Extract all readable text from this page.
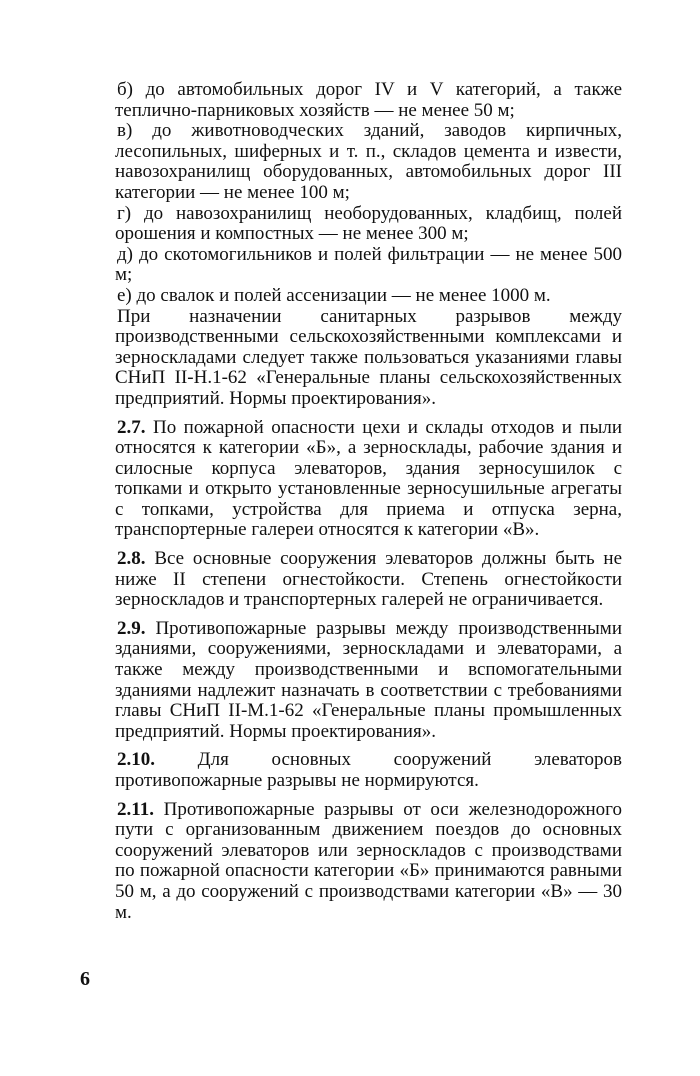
б) до автомобильных дорог IV и V категорий, а также теплично-парниковых хозяйств — не менее 50 м;

в) до животноводческих зданий, заводов кирпичных, лесопильных, шиферных и т. п., складов цемента и извести, навозохранилищ оборудованных, автомобильных дорог III категории — не менее 100 м;

г) до навозохранилищ необорудованных, кладбищ, полей орошения и компостных — не менее 300 м;

д) до скотомогильников и полей фильтрации — не менее 500 м;

е) до свалок и полей ассенизации — не менее 1000 м.

При назначении санитарных разрывов между производственными сельскохозяйственными комплексами и зерноскладами следует также пользоваться указаниями главы СНиП II-Н.1-62 «Генеральные планы сельскохозяйственных предприятий. Нормы проектирования».

2.7. По пожарной опасности цехи и склады отходов и пыли относятся к категории «Б», а зерносклады, рабочие здания и силосные корпуса элеваторов, здания зерносушилок с топками и открыто установленные зерносушильные агрегаты с топками, устройства для приема и отпуска зерна, транспортерные галереи относятся к категории «В».

2.8. Все основные сооружения элеваторов должны быть не ниже II степени огнестойкости. Степень огнестойкости зерноскладов и транспортерных галерей не ограничивается.

2.9. Противопожарные разрывы между производственными зданиями, сооружениями, зерноскладами и элеваторами, а также между производственными и вспомогательными зданиями надлежит назначать в соответствии с требованиями главы СНиП II-М.1-62 «Генеральные планы промышленных предприятий. Нормы проектирования».

2.10. Для основных сооружений элеваторов противопожарные разрывы не нормируются.

2.11. Противопожарные разрывы от оси железнодорожного пути с организованным движением поездов до основных сооружений элеваторов или зерноскладов с производствами по пожарной опасности категории «Б» принимаются равными 50 м, а до сооружений с производствами категории «В» — 30 м.

6
